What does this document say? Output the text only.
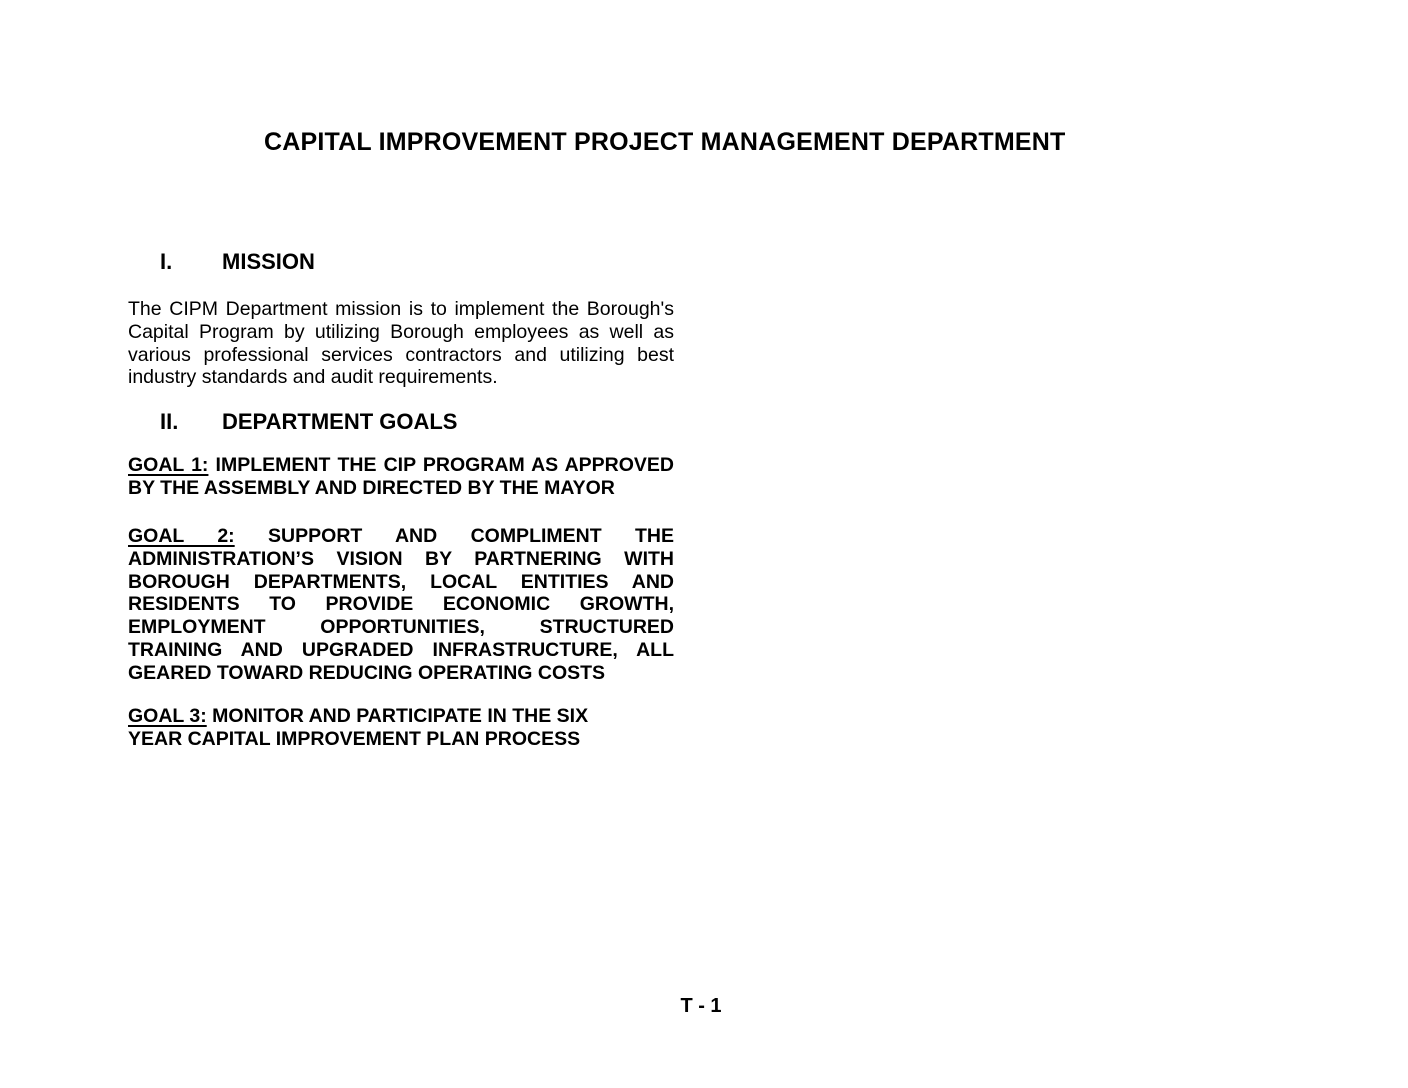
CAPITAL IMPROVEMENT PROJECT MANAGEMENT DEPARTMENT
I. MISSION
The CIPM Department mission is to implement the Borough's
Capital Program by utilizing Borough employees as well as
various professional services contractors and utilizing best
industry standards and audit requirements.
II. DEPARTMENT GOALS
GOAL 1: IMPLEMENT THE CIP PROGRAM AS APPROVED
BY THE ASSEMBLY AND DIRECTED BY THE MAYOR
GOAL 2: SUPPORT AND COMPLIMENT THE
ADMINISTRATION’S VISION BY PARTNERING WITH
BOROUGH DEPARTMENTS, LOCAL ENTITIES AND
RESIDENTS TO PROVIDE ECONOMIC GROWTH,
EMPLOYMENT OPPORTUNITIES, STRUCTURED
TRAINING AND UPGRADED INFRASTRUCTURE, ALL
GEARED TOWARD REDUCING OPERATING COSTS
GOAL 3: MONITOR AND PARTICIPATE IN THE SIX
YEAR CAPITAL IMPROVEMENT PLAN PROCESS
T - 1
